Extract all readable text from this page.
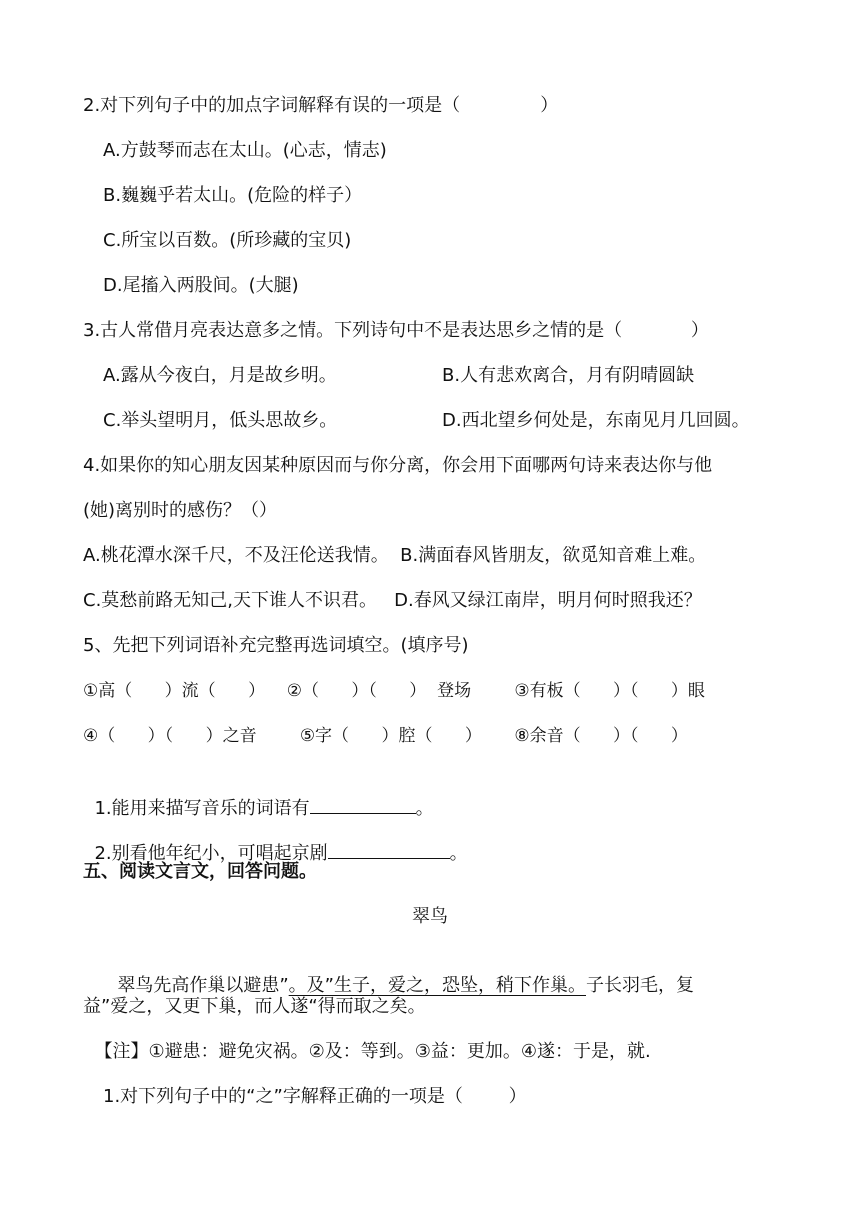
2.对下列句子中的加点字词解释有误的一项是（              ）
A.方鼓琴而志在太山。(心志，情志)
B.巍巍乎若太山。(危险的样子）
C.所宝以百数。(所珍藏的宝贝)
D.尾搐入两股间。(大腿)
3.古人常借月亮表达意多之情。下列诗句中不是表达思乡之情的是（            ）
A.露从今夜白，月是故乡明。	B.人有悲欢离合，月有阴晴圆缺
C.举头望明月，低头思故乡。	D.西北望乡何处是，东南见月几回圆。
4.如果你的知心朋友因某种原因而与你分离，你会用下面哪两句诗来表达你与他
(她)离别时的感伤？（）
A.桃花潭水深千尺，不及汪伦送我情。  B.满面春风皆朋友，欲觅知音难上难。
C.莫愁前路无知己,天下谁人不识君。   D.春风又绿江南岸，明月何时照我还？
5、先把下列词语补充完整再选词填空。(填序号)
①高（      ）流（      ）    ②（      ）（      ）  登场        ③有板（      ）（      ）眼
④（      ）（      ）之音        ⑤字（      ）腔（      ）      ⑧余音（      ）（      ）

1.能用来描写音乐的词语有	。

2.别看他年纪小，可唱起京剧	。

五、阅读文言文，回答问题。
翠鸟

翠鸟先高作巢以避患”。及”生子，爱之，恐坠，稍下作巢。子长羽毛，复

益”爱之，又更下巢，而人遂“得而取之矣。
【注】①避患：避免灾祸。②及：等到。③益：更加。④遂：于是，就.
1.对下列句子中的“之”字解释正确的一项是（        ）
